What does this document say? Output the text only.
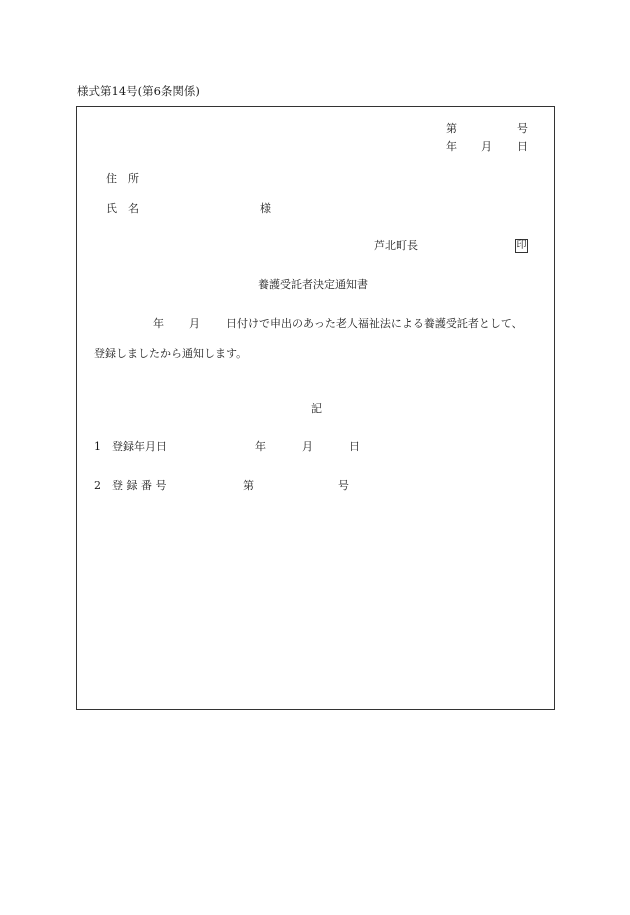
様式第14号(第6条関係)
第	号
年 月 日
住　所
氏　名	様
芦北町長	印
養護受託者決定通知書
年 月 日付けで申出のあった老人福祉法による養護受託者として、
登録しましたから通知します。
記
1 登録年月日	年	月	日
2 登 録 番 号	第	号
